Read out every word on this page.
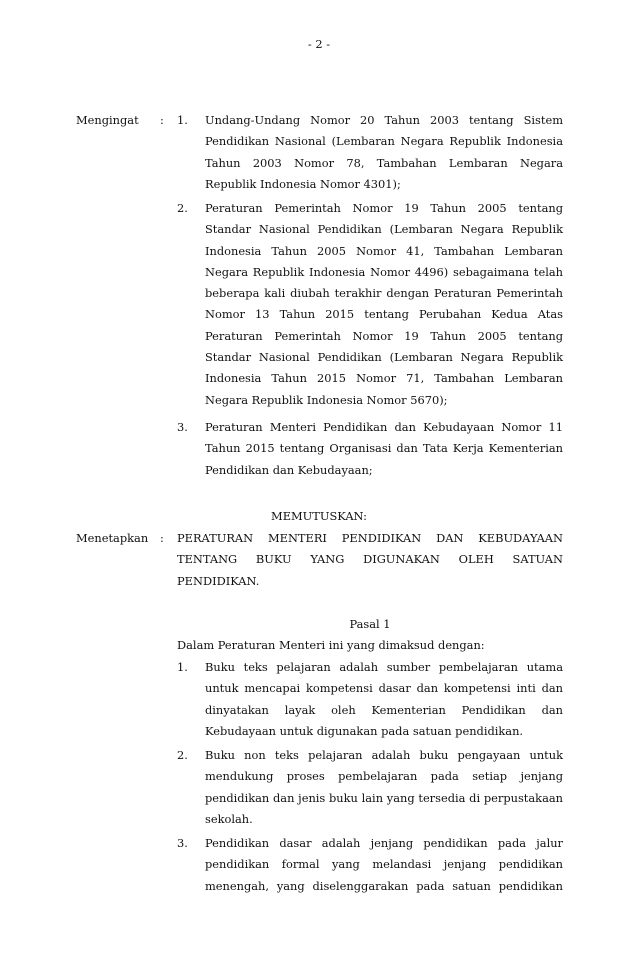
- 2 -
Mengingat : 1. Undang-Undang Nomor 20 Tahun 2003 tentang Sistem Pendidikan Nasional (Lembaran Negara Republik Indonesia Tahun 2003 Nomor 78, Tambahan Lembaran Negara Republik Indonesia Nomor 4301);
2. Peraturan Pemerintah Nomor 19 Tahun 2005 tentang Standar Nasional Pendidikan (Lembaran Negara Republik Indonesia Tahun 2005 Nomor 41, Tambahan Lembaran Negara Republik Indonesia Nomor 4496) sebagaimana telah beberapa kali diubah terakhir dengan Peraturan Pemerintah Nomor 13 Tahun 2015 tentang Perubahan Kedua Atas Peraturan Pemerintah Nomor 19 Tahun 2005 tentang Standar Nasional Pendidikan (Lembaran Negara Republik Indonesia Tahun 2015 Nomor 71, Tambahan Lembaran Negara Republik Indonesia Nomor 5670);
3. Peraturan Menteri Pendidikan dan Kebudayaan Nomor 11 Tahun 2015 tentang Organisasi dan Tata Kerja Kementerian Pendidikan dan Kebudayaan;
MEMUTUSKAN:
Menetapkan : PERATURAN MENTERI PENDIDIKAN DAN KEBUDAYAAN TENTANG BUKU YANG DIGUNAKAN OLEH SATUAN PENDIDIKAN.
Pasal 1
Dalam Peraturan Menteri ini yang dimaksud dengan:
1. Buku teks pelajaran adalah sumber pembelajaran utama untuk mencapai kompetensi dasar dan kompetensi inti dan dinyatakan layak oleh Kementerian Pendidikan dan Kebudayaan untuk digunakan pada satuan pendidikan.
2. Buku non teks pelajaran adalah buku pengayaan untuk mendukung proses pembelajaran pada setiap jenjang pendidikan dan jenis buku lain yang tersedia di perpustakaan sekolah.
3. Pendidikan dasar adalah jenjang pendidikan pada jalur pendidikan formal yang melandasi jenjang pendidikan menengah, yang diselenggarakan pada satuan pendidikan
